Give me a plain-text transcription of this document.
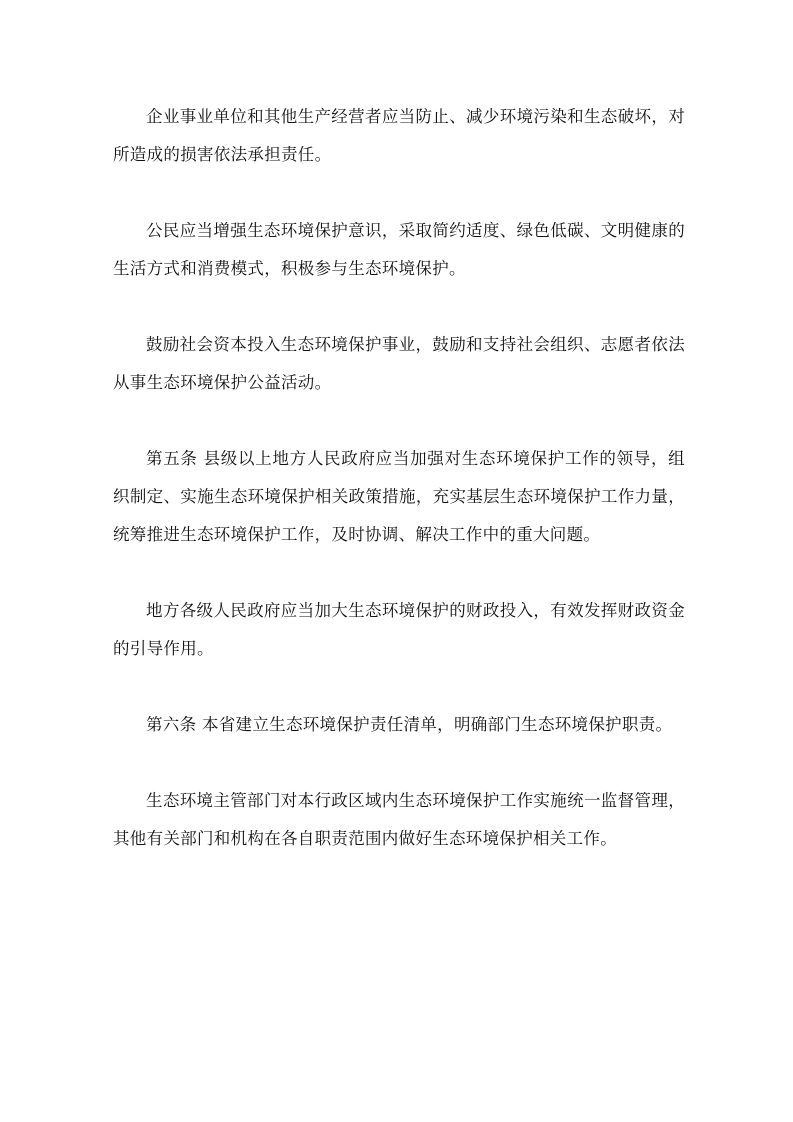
企业事业单位和其他生产经营者应当防止、减少环境污染和生态破坏，对所造成的损害依法承担责任。

公民应当增强生态环境保护意识，采取简约适度、绿色低碳、文明健康的生活方式和消费模式，积极参与生态环境保护。

鼓励社会资本投入生态环境保护事业，鼓励和支持社会组织、志愿者依法从事生态环境保护公益活动。

第五条 县级以上地方人民政府应当加强对生态环境保护工作的领导，组织制定、实施生态环境保护相关政策措施，充实基层生态环境保护工作力量，统筹推进生态环境保护工作，及时协调、解决工作中的重大问题。

地方各级人民政府应当加大生态环境保护的财政投入，有效发挥财政资金的引导作用。

第六条 本省建立生态环境保护责任清单，明确部门生态环境保护职责。

生态环境主管部门对本行政区域内生态环境保护工作实施统一监督管理，其他有关部门和机构在各自职责范围内做好生态环境保护相关工作。
